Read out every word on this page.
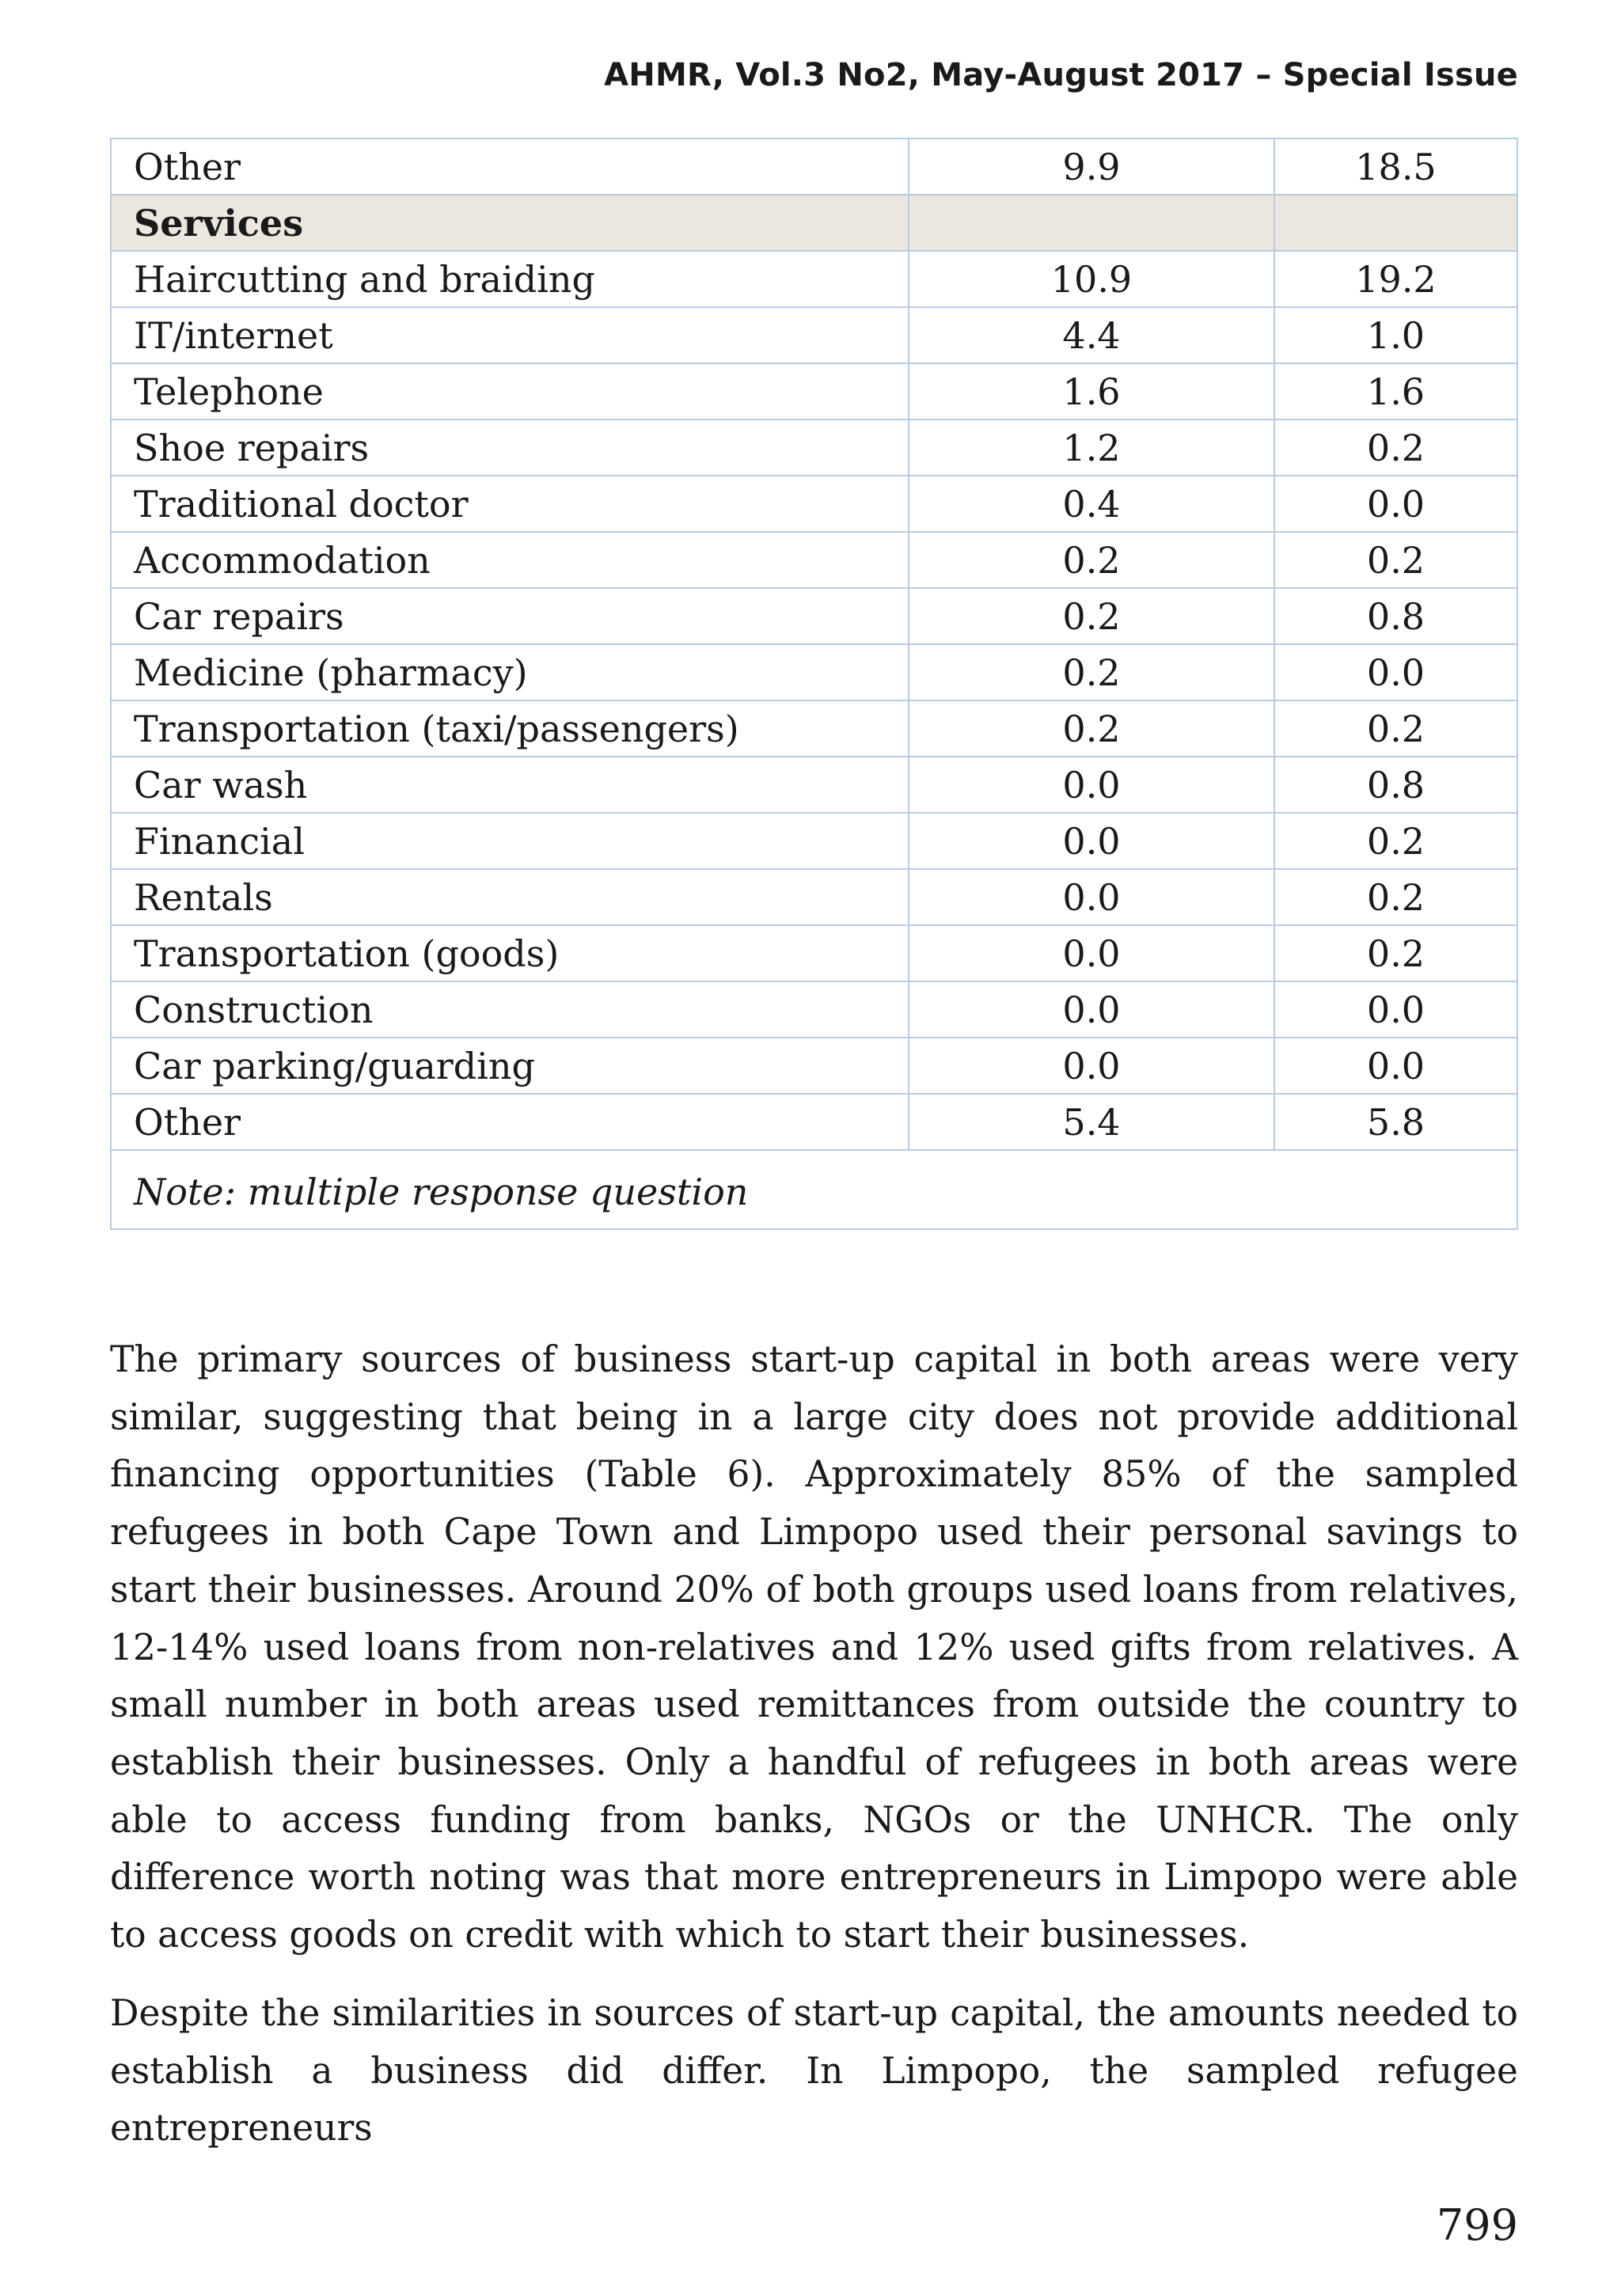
AHMR, Vol.3 No2, May-August 2017 – Special Issue
Other	9.9	18.5
Services		
Haircutting and braiding	10.9	19.2
IT/internet	4.4	1.0
Telephone	1.6	1.6
Shoe repairs	1.2	0.2
Traditional doctor	0.4	0.0
Accommodation	0.2	0.2
Car repairs	0.2	0.8
Medicine (pharmacy)	0.2	0.0
Transportation (taxi/passengers)	0.2	0.2
Car wash	0.0	0.8
Financial	0.0	0.2
Rentals	0.0	0.2
Transportation (goods)	0.0	0.2
Construction	0.0	0.0
Car parking/guarding	0.0	0.0
Other	5.4	5.8
Note: multiple response question		

The primary sources of business start-up capital in both areas were very similar, suggesting that being in a large city does not provide additional financing opportunities (Table 6). Approximately 85% of the sampled refugees in both Cape Town and Limpopo used their personal savings to start their businesses. Around 20% of both groups used loans from relatives, 12-14% used loans from non-relatives and 12% used gifts from relatives. A small number in both areas used remittances from outside the country to establish their businesses. Only a handful of refugees in both areas were able to access funding from banks, NGOs or the UNHCR. The only difference worth noting was that more entrepreneurs in Limpopo were able to access goods on credit with which to start their businesses.

Despite the similarities in sources of start-up capital, the amounts needed to establish a business did differ. In Limpopo, the sampled refugee entrepreneurs

799
